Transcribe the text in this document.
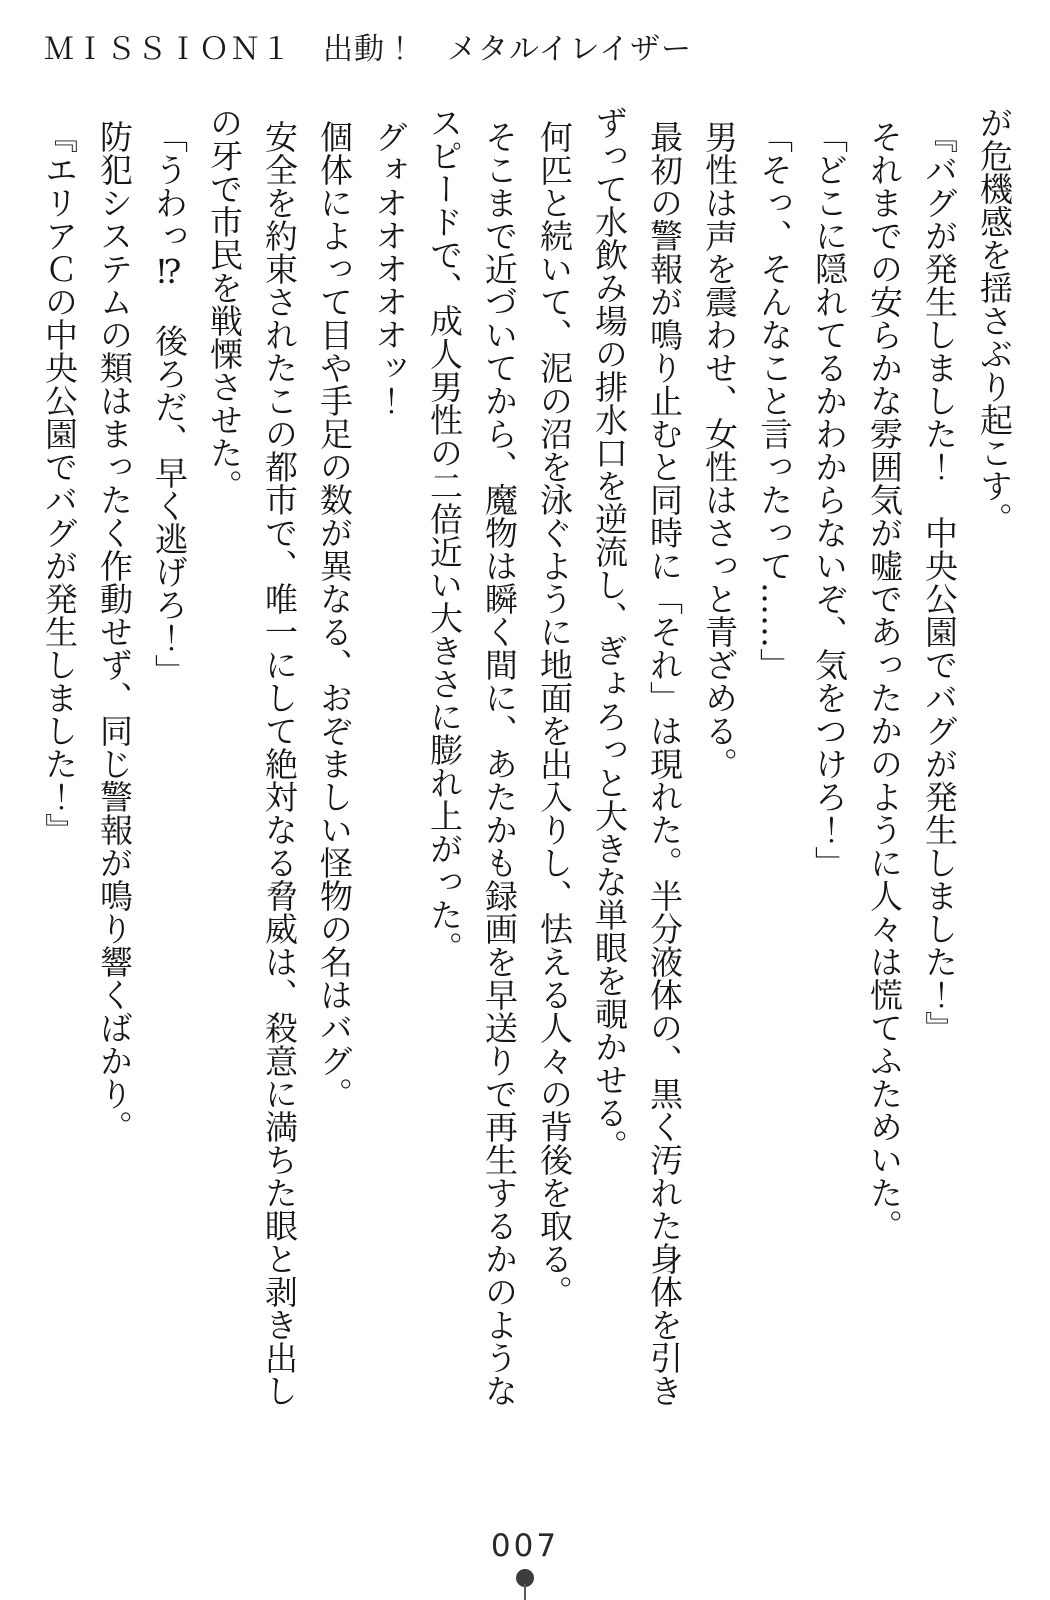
ＭＩＳＳＩＯＮ１　出動！　メタルイレイザー

が危機感を揺さぶり起こす。

『バグが発生しました！　中央公園でバグが発生しました！』

それまでの安らかな雰囲気が嘘であったかのように人々は慌てふためいた。

「どこに隠れてるかわからないぞ、気をつけろ！」

「そっ、そんなこと言ったって……」

男性は声を震わせ、女性はさっと青ざめる。

最初の警報が鳴り止むと同時に「それ」は現れた。半分液体の、黒く汚れた身体を引きずって水飲み場の排水口を逆流し、ぎょろっと大きな単眼を覗かせる。

何匹と続いて、泥の沼を泳ぐように地面を出入りし、怯える人々の背後を取る。

そこまで近づいてから、魔物は瞬く間に、あたかも録画を早送りで再生するかのようなスピードで、成人男性の二倍近い大きさに膨れ上がった。

グォオオオオオッ！

個体によって目や手足の数が異なる、おぞましい怪物の名はバグ。

安全を約束されたこの都市で、唯一にして絶対なる脅威は、殺意に満ちた眼と剥き出しの牙で市民を戦慄させた。

「うわっ⁉　後ろだ、早く逃げろ！」

防犯システムの類はまったく作動せず、同じ警報が鳴り響くばかり。

『エリアＣの中央公園でバグが発生しました！』

007
